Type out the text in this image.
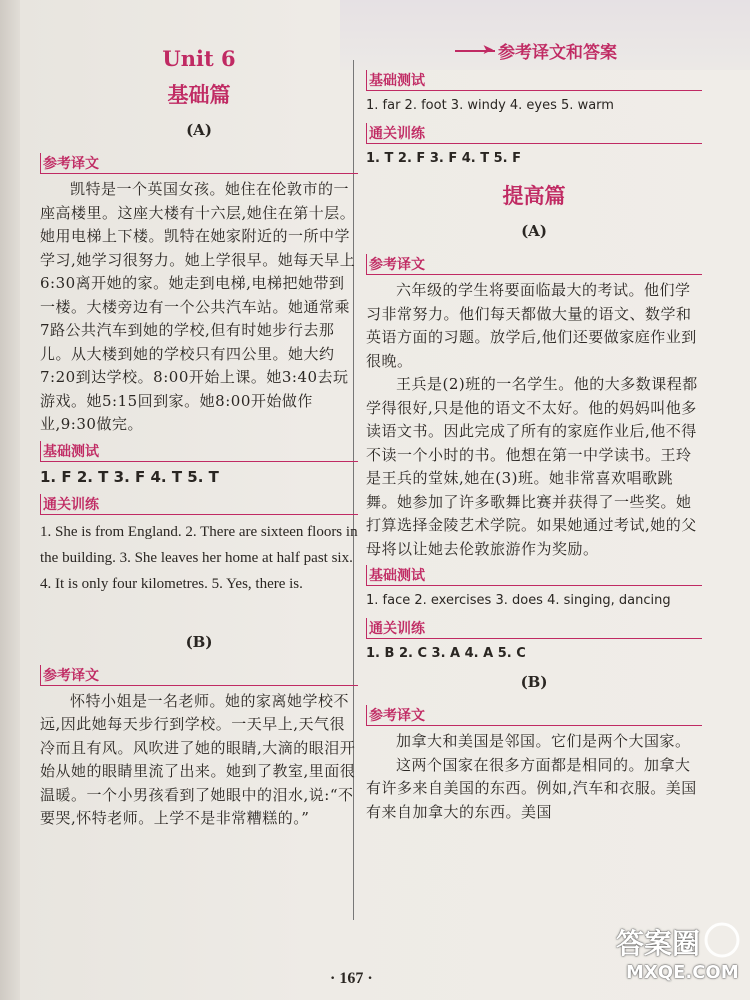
➤ 参考译文和答案
Unit 6
基础篇
(A)
参考译文

凯特是一个英国女孩。她住在伦敦市的一座高楼里。这座大楼有十六层,她住在第十层。她用电梯上下楼。凯特在她家附近的一所中学学习,她学习很努力。她上学很早。她每天早上6:30离开她的家。她走到电梯,电梯把她带到一楼。大楼旁边有一个公共汽车站。她通常乘7路公共汽车到她的学校,但有时她步行去那儿。从大楼到她的学校只有四公里。她大约7:20到达学校。8:00开始上课。她3:40去玩游戏。她5:15回到家。她8:00开始做作业,9:30做完。

基础测试
1. F 2. T 3. F 4. T 5. T
通关训练

1. She is from England. 2. There are sixteen floors in the building. 3. She leaves her home at half past six. 4. It is only four kilometres. 5. Yes, there is.

(B)
参考译文

怀特小姐是一名老师。她的家离她学校不远,因此她每天步行到学校。一天早上,天气很冷而且有风。风吹进了她的眼睛,大滴的眼泪开始从她的眼睛里流了出来。她到了教室,里面很温暖。一个小男孩看到了她眼中的泪水,说:“不要哭,怀特老师。上学不是非常糟糕的。”

基础测试
1. far 2. foot 3. windy 4. eyes 5. warm
通关训练
1. T 2. F 3. F 4. T 5. F
提高篇
(A)
参考译文

六年级的学生将要面临最大的考试。他们学习非常努力。他们每天都做大量的语文、数学和英语方面的习题。放学后,他们还要做家庭作业到很晚。

王兵是(2)班的一名学生。他的大多数课程都学得很好,只是他的语文不太好。他的妈妈叫他多读语文书。因此完成了所有的家庭作业后,他不得不读一个小时的书。他想在第一中学读书。王玲是王兵的堂妹,她在(3)班。她非常喜欢唱歌跳舞。她参加了许多歌舞比赛并获得了一些奖。她打算选择金陵艺术学院。如果她通过考试,她的父母将以让她去伦敦旅游作为奖励。

基础测试
1. face 2. exercises 3. does 4. singing, dancing
通关训练
1. B 2. C 3. A 4. A 5. C
(B)
参考译文

加拿大和美国是邻国。它们是两个大国家。

这两个国家在很多方面都是相同的。加拿大有许多来自美国的东西。例如,汽车和衣服。美国有来自加拿大的东西。美国

· 167 ·
答案圈
MXQE.COM
